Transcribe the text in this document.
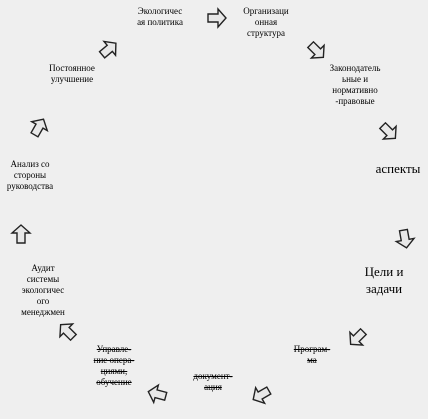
Экологичес
ая политика
Организаци
онная
структура
Законодатель
ьные и
нормативно
-правовые
аспекты
Цели и
задачи
Програм-
ма
документ-
ация
Управле-
ние опера-
циями,
обучение
Аудит
системы
экологичес
ого
менеджмен
Анализ со
стороны
руководства
Постоянное
улучшение
